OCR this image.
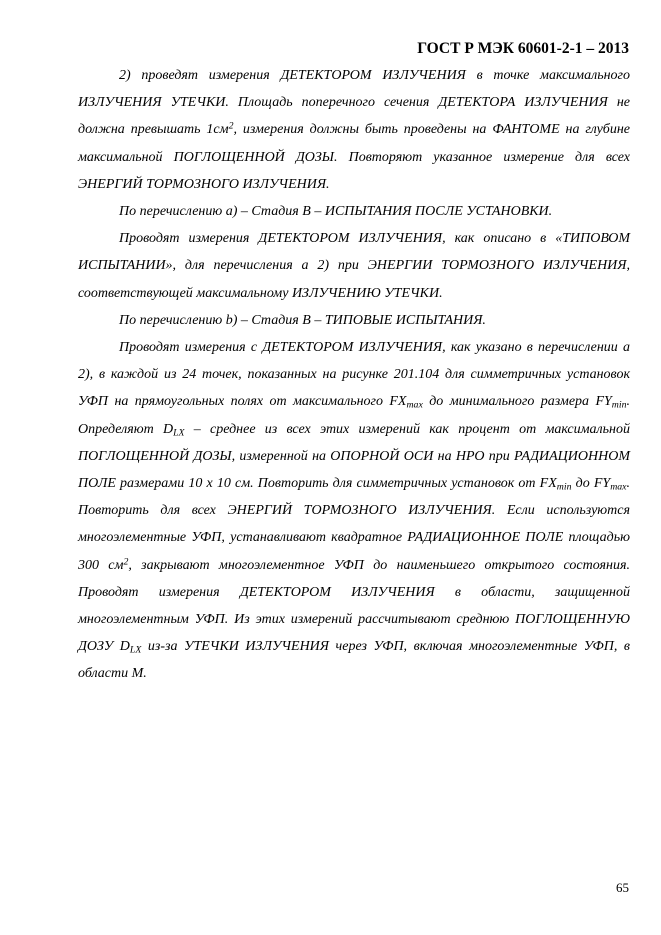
ГОСТ Р МЭК 60601-2-1 – 2013

2) проведят измерения ДЕТЕКТОРОМ ИЗЛУЧЕНИЯ в точке максимального ИЗЛУЧЕНИЯ УТЕЧКИ. Площадь поперечного сечения ДЕТЕКТОРА ИЗЛУЧЕНИЯ не должна превышать $1см^2$, измерения должны быть проведены на ФАНТОМЕ на глубине максимальной ПОГЛОЩЕННОЙ ДОЗЫ. Повторяют указанное измерение для всех ЭНЕРГИЙ ТОРМОЗНОГО ИЗЛУЧЕНИЯ.

По перечислению a) – Стадия В – ИСПЫТАНИЯ ПОСЛЕ УСТАНОВКИ.

Проводят измерения ДЕТЕКТОРОМ ИЗЛУЧЕНИЯ, как описано в «ТИПОВОМ ИСПЫТАНИИ», для перечисления а 2) при ЭНЕРГИИ ТОРМОЗНОГО ИЗЛУЧЕНИЯ, соответствующей максимальному ИЗЛУЧЕНИЮ УТЕЧКИ.

По перечислению b) – Стадия В – ТИПОВЫЕ ИСПЫТАНИЯ.

Проводят измерения с ДЕТЕКТОРОМ ИЗЛУЧЕНИЯ, как указано в перечислении а 2), в каждой из 24 точек, показанных на рисунке 201.104 для симметричных установок УФП на прямоугольных полях от максимального $FX_{max}$ до минимального размера $FY_{min}$. Определяют $D_{LX}$ – среднее из всех этих измерений как процент от максимальной ПОГЛОЩЕННОЙ ДОЗЫ, измеренной на ОПОРНОЙ ОСИ на НРО при РАДИАЦИОННОМ ПОЛЕ размерами 10 х 10 см. Повторить для симметричных установок от $FX_{min}$ до $FY_{max}$. Повторить для всех ЭНЕРГИЙ ТОРМОЗНОГО ИЗЛУЧЕНИЯ. Если используются многоэлементные УФП, устанавливают квадратное РАДИАЦИОННОЕ ПОЛЕ площадью 300 $см^2$, закрывают многоэлементное УФП до наименьшего открытого состояния. Проводят измерения ДЕТЕКТОРОМ ИЗЛУЧЕНИЯ в области, защищенной многоэлементным УФП. Из этих измерений рассчитывают среднюю ПОГЛОЩЕННУЮ ДОЗУ $D_{LX}$ из-за УТЕЧКИ ИЗЛУЧЕНИЯ через УФП, включая многоэлементные УФП, в области М.

65
